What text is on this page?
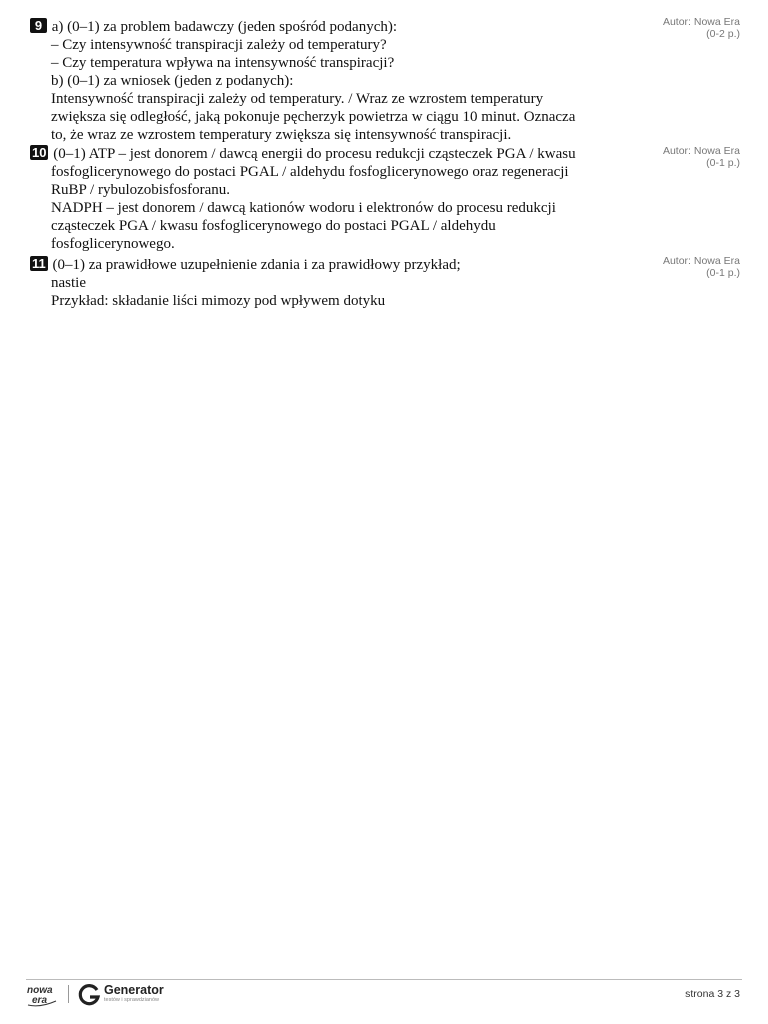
9 a) (0–1) za problem badawczy (jeden spośród podanych):
– Czy intensywność transpiracji zależy od temperatury?
– Czy temperatura wpływa na intensywność transpiracji?
b) (0–1) za wniosek (jeden z podanych):
Intensywność transpiracji zależy od temperatury. / Wraz ze wzrostem temperatury
zwiększa się odległość, jaką pokonuje pęcherzyk powietrza w ciągu 10 minut. Oznacza
to, że wraz ze wzrostem temperatury zwiększa się intensywność transpiracji.
Autor: Nowa Era
(0-2 p.)
10 (0–1) ATP – jest donorem / dawcą energii do procesu redukcji cząsteczek PGA / kwasu
fosfoglicerynowego do postaci PGAL / aldehydu fosfoglicerynowego oraz regeneracji
RuBP / rybulozobisfosforanu.
NADPH – jest donorem / dawcą kationów wodoru i elektronów do procesu redukcji
cząsteczek PGA / kwasu fosfoglicerynowego do postaci PGAL / aldehydu
fosfoglicerynowego.
Autor: Nowa Era
(0-1 p.)
11 (0–1) za prawidłowe uzupełnienie zdania i za prawidłowy przykład;
nastie
Przykład: składanie liści mimozy pod wpływem dotyku
Autor: Nowa Era
(0-1 p.)
nowa
era
Generator
testów i sprawdzianów	strona 3 z 3
